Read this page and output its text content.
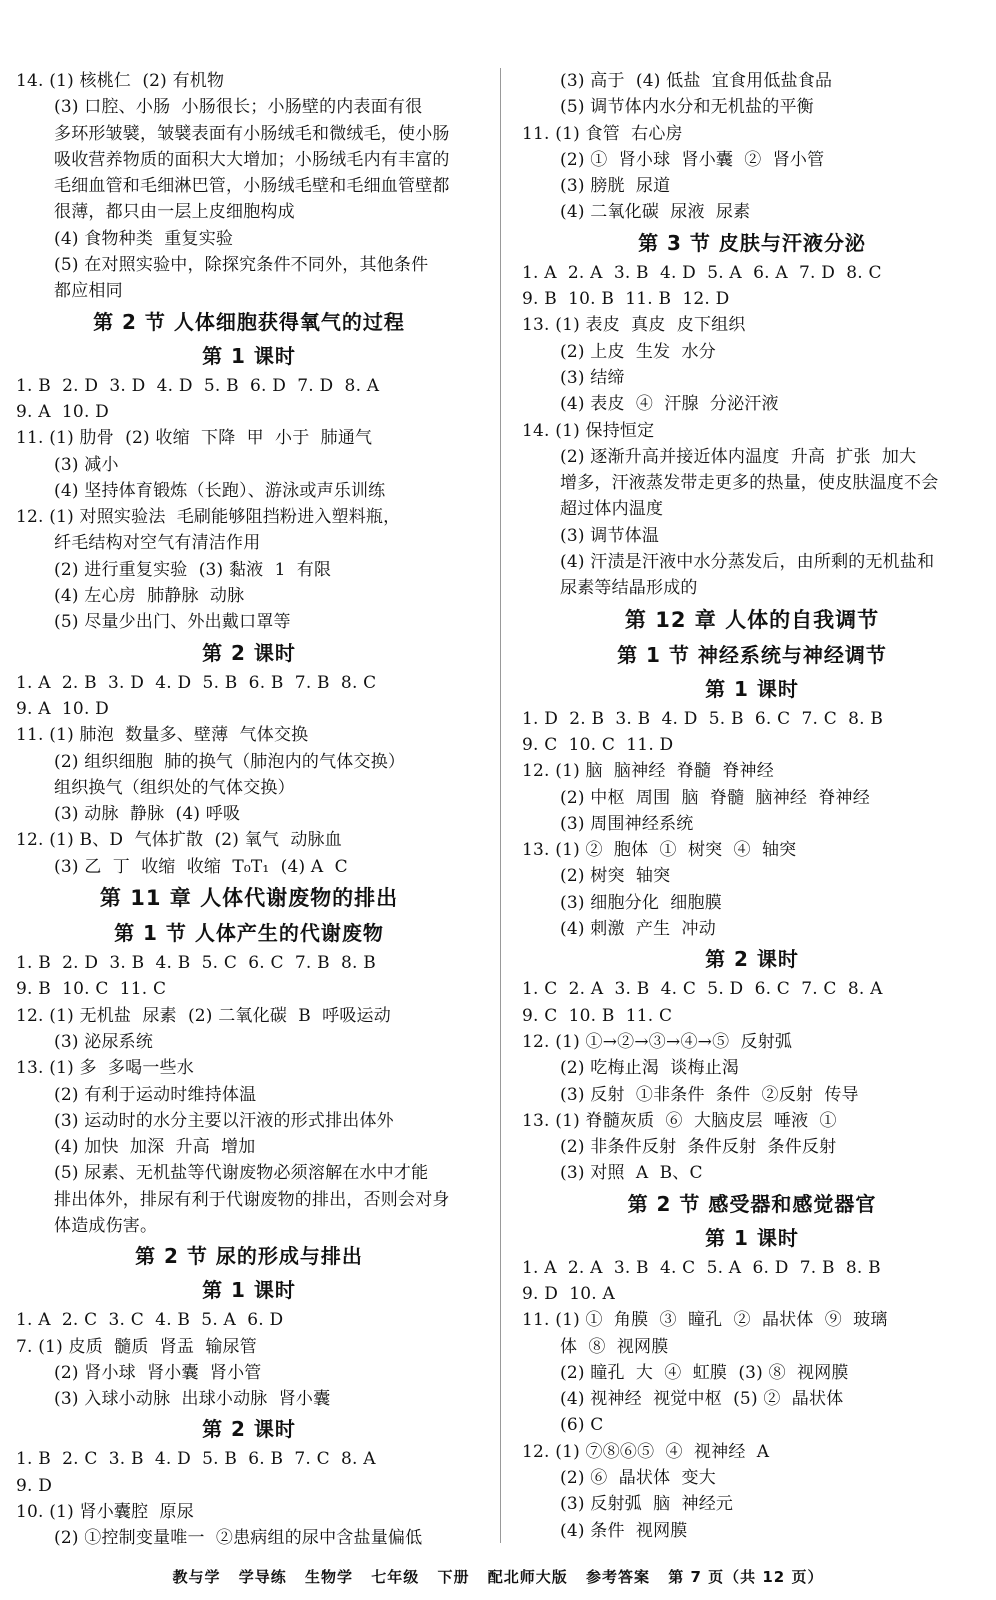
14. (1) 核桃仁  (2) 有机物

(3) 口腔、小肠  小肠很长；小肠壁的内表面有很

多环形皱襞，皱襞表面有小肠绒毛和微绒毛，使小肠

吸收营养物质的面积大大增加；小肠绒毛内有丰富的

毛细血管和毛细淋巴管，小肠绒毛壁和毛细血管壁都

很薄，都只由一层上皮细胞构成

(4) 食物种类  重复实验

(5) 在对照实验中，除探究条件不同外，其他条件

都应相同

第 2 节 人体细胞获得氧气的过程
第 1 课时

1. B  2. D  3. D  4. D  5. B  6. D  7. D  8. A

9. A  10. D

11. (1) 肋骨  (2) 收缩  下降  甲  小于  肺通气

(3) 减小

(4) 坚持体育锻炼（长跑）、游泳或声乐训练

12. (1) 对照实验法  毛刷能够阻挡粉进入塑料瓶，

纤毛结构对空气有清洁作用

(2) 进行重复实验  (3) 黏液  1  有限

(4) 左心房  肺静脉  动脉

(5) 尽量少出门、外出戴口罩等

第 2 课时

1. A  2. B  3. D  4. D  5. B  6. B  7. B  8. C

9. A  10. D

11. (1) 肺泡  数量多、壁薄  气体交换

(2) 组织细胞  肺的换气（肺泡内的气体交换）

组织换气（组织处的气体交换）

(3) 动脉  静脉  (4) 呼吸

12. (1) B、D  气体扩散  (2) 氧气  动脉血

(3) 乙  丁  收缩  收缩  T₀T₁  (4) A  C

第 11 章 人体代谢废物的排出
第 1 节 人体产生的代谢废物

1. B  2. D  3. B  4. B  5. C  6. C  7. B  8. B

9. B  10. C  11. C

12. (1) 无机盐  尿素  (2) 二氧化碳  B  呼吸运动

(3) 泌尿系统

13. (1) 多  多喝一些水

(2) 有利于运动时维持体温

(3) 运动时的水分主要以汗液的形式排出体外

(4) 加快  加深  升高  增加

(5) 尿素、无机盐等代谢废物必须溶解在水中才能

排出体外，排尿有利于代谢废物的排出，否则会对身

体造成伤害。

第 2 节 尿的形成与排出
第 1 课时

1. A  2. C  3. C  4. B  5. A  6. D

7. (1) 皮质  髓质  肾盂  输尿管

(2) 肾小球  肾小囊  肾小管

(3) 入球小动脉  出球小动脉  肾小囊

第 2 课时

1. B  2. C  3. B  4. D  5. B  6. B  7. C  8. A

9. D

10. (1) 肾小囊腔  原尿

(2) ①控制变量唯一  ②患病组的尿中含盐量偏低

(3) 高于  (4) 低盐  宜食用低盐食品

(5) 调节体内水分和无机盐的平衡

11. (1) 食管  右心房

(2) ①  肾小球  肾小囊  ②  肾小管

(3) 膀胱  尿道

(4) 二氧化碳  尿液  尿素

第 3 节 皮肤与汗液分泌

1. A  2. A  3. B  4. D  5. A  6. A  7. D  8. C

9. B  10. B  11. B  12. D

13. (1) 表皮  真皮  皮下组织

(2) 上皮  生发  水分

(3) 结缔

(4) 表皮  ④  汗腺  分泌汗液

14. (1) 保持恒定

(2) 逐渐升高并接近体内温度  升高  扩张  加大

增多，汗液蒸发带走更多的热量，使皮肤温度不会

超过体内温度

(3) 调节体温

(4) 汗渍是汗液中水分蒸发后，由所剩的无机盐和

尿素等结晶形成的

第 12 章 人体的自我调节
第 1 节 神经系统与神经调节
第 1 课时

1. D  2. B  3. B  4. D  5. B  6. C  7. C  8. B

9. C  10. C  11. D

12. (1) 脑  脑神经  脊髓  脊神经

(2) 中枢  周围  脑  脊髓  脑神经  脊神经

(3) 周围神经系统

13. (1) ②  胞体  ①  树突  ④  轴突

(2) 树突  轴突

(3) 细胞分化  细胞膜

(4) 刺激  产生  冲动

第 2 课时

1. C  2. A  3. B  4. C  5. D  6. C  7. C  8. A

9. C  10. B  11. C

12. (1) ①→②→③→④→⑤  反射弧

(2) 吃梅止渴  谈梅止渴

(3) 反射  ①非条件  条件  ②反射  传导

13. (1) 脊髓灰质  ⑥  大脑皮层  唾液  ①

(2) 非条件反射  条件反射  条件反射

(3) 对照  A  B、C

第 2 节 感受器和感觉器官
第 1 课时

1. A  2. A  3. B  4. C  5. A  6. D  7. B  8. B

9. D  10. A

11. (1) ①  角膜  ③  瞳孔  ②  晶状体  ⑨  玻璃

体  ⑧  视网膜

(2) 瞳孔  大  ④  虹膜  (3) ⑧  视网膜

(4) 视神经  视觉中枢  (5) ②  晶状体

(6) C

12. (1) ⑦⑧⑥⑤  ④  视神经  A

(2) ⑥  晶状体  变大

(3) 反射弧  脑  神经元

(4) 条件  视网膜

教与学 学导练 生物学 七年级 下册 配北师大版 参考答案 第 7 页（共 12 页）
